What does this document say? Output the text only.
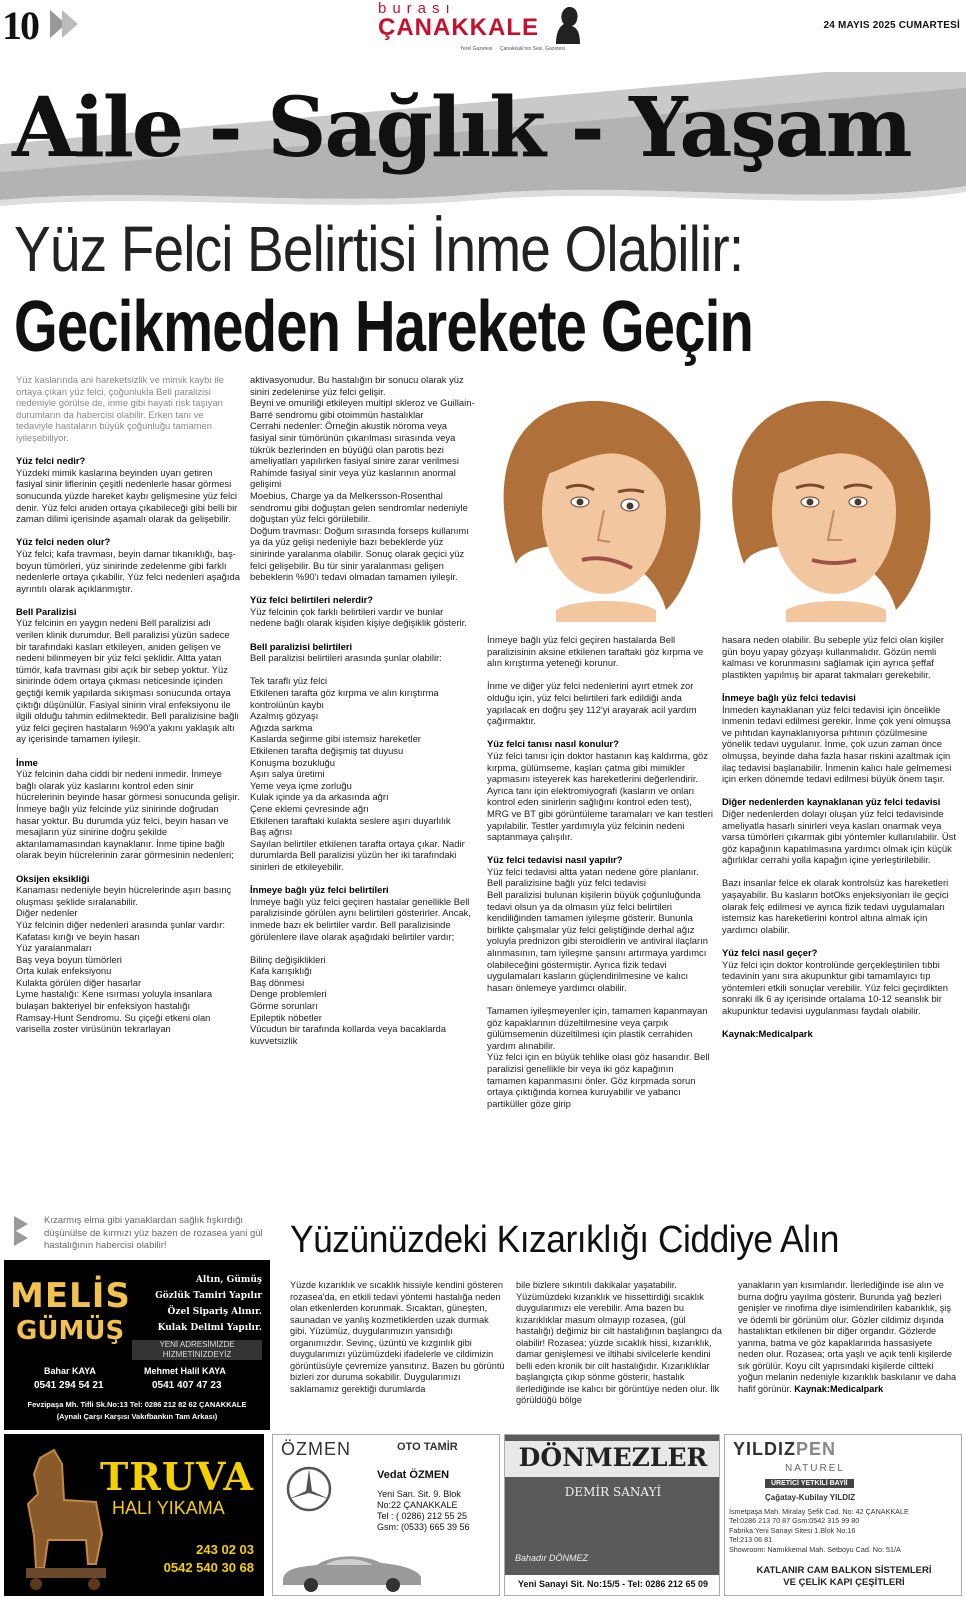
10	burası
ÇANAKKALE
Yerel Gazetesi Çanakkale'nin Sesi, Gazetesi
24 MAYIS 2025 CUMARTESİ
Aile - Sağlık - Yaşam
Yüz Felci Belirtisi İnme Olabilir:
Gecikmeden Harekete Geçin

Yüz kaslarında ani hareketsizlik ve mimik kaybı ile ortaya çıkan yüz felci, çoğunlukla Bell paralizisi nedeniyle görülse de, inme gibi hayati risk taşıyan durumların da habercisi olabilir. Erken tanı ve tedaviyle hastaların büyük çoğunluğu tamamen iyileşebiliyor.

Yüz felci nedir?

Yüzdeki mimik kaslarına beyinden uyarı getiren fasiyal sinir liflerinin çeşitli nedenlerle hasar görmesi sonucunda yüzde hareket kaybı gelişmesine yüz felci denir. Yüz felci aniden ortaya çıkabileceği gibi belli bir zaman dilimi içerisinde aşamalı olarak da gelişebilir.

Yüz felci neden olur?

Yüz felci; kafa travması, beyin damar tıkanıklığı, baş-boyun tümörleri, yüz sinirinde zedelenme gibi farklı nedenlerle ortaya çıkabilir. Yüz felci nedenleri aşağıda ayrıntılı olarak açıklanmıştır.

Bell Paralizisi

Yüz felcinin en yaygın nedeni Bell paralizisi adı verilen klinik durumdur. Bell paralizisi yüzün sadece bir tarafındaki kasları etkileyen, aniden gelişen ve nedeni bilinmeyen bir yüz felci şeklidir. Altta yatan tümör, kafa travması gibi açık bir sebep yoktur. Yüz sinirinde ödem ortaya çıkması neticesinde içinden geçtiği kemik yapılarda sıkışması sonucunda ortaya çıktığı düşünülür. Fasiyal sinirin viral enfeksiyonu ile ilgili olduğu tahmin edilmektedir. Bell paralizisine bağlı yüz felci geçiren hastaların %90'a yakını yaklaşık altı ay içerisinde tamamen iyileşir.

İnme

Yüz felcinin daha ciddi bir nedeni inmedir. İnmeye bağlı olarak yüz kaslarını kontrol eden sinir hücrelerinin beyinde hasar görmesi sonucunda gelişir. İnmeye bağlı yüz felcinde yüz sinirinde doğrudan hasar yoktur. Bu durumda yüz felci, beyin hasarı ve mesajların yüz sinirine doğru şekilde aktarılamamasından kaynaklanır. İnme tipine bağlı olarak beyin hücrelerinin zarar görmesinin nedenleri;

Oksijen eksikliği

Kanaması nedeniyle beyin hücrelerinde aşırı basınç oluşması şeklide sıralanabilir.

Diğer nedenler

Yüz felcinin diğer nedenleri arasında şunlar vardır:

Kafatası kırığı ve beyin hasarı

Yüz yaralanmaları

Baş veya boyun tümörleri

Orta kulak enfeksiyonu

Kulakta görülen diğer hasarlar

Lyme hastalığı: Kene ısırması yoluyla insanlara bulaşan bakteriyel bir enfeksiyon hastalığı

Ramsay-Hunt Sendromu. Su çiçeği etkeni olan varisella zoster virüsünün tekrarlayan

aktivasyonudur. Bu hastalığın bir sonucu olarak yüz siniri zedelenirse yüz felci gelişir.

Beyni ve omuriliği etkileyen multipl skleroz ve Guillain-Barré sendromu gibi otoimmün hastalıklar

Cerrahi nedenler: Örneğin akustik nöroma veya fasiyal sinir tümörünün çıkarılması sırasında veya tükrük bezlerinden en büyüğü olan parotis bezi ameliyatları yapılırken fasiyal sinire zarar verilmesi

Rahimde fasiyal sinir veya yüz kaslarının anormal gelişimi

Moebius, Charge ya da Melkersson-Rosenthal sendromu gibi doğuştan gelen sendromlar nedeniyle doğuştan yüz felci görülebilir.

Doğum travması: Doğum sırasında forseps kullanımı ya da yüz gelişi nedeniyle bazı bebeklerde yüz sinirinde yaralanma olabilir. Sonuç olarak geçici yüz felci gelişebilir. Bu tür sinir yaralanması gelişen bebeklerin %90'ı tedavi olmadan tamamen iyileşir.

Yüz felci belirtileri nelerdir?

Yüz felcinin çok farklı belirtileri vardır ve bunlar nedene bağlı olarak kişiden kişiye değişiklik gösterir.

Bell paralizisi belirtileri

Bell paralizisi belirtileri arasında şunlar olabilir:

Tek taraflı yüz felci

Etkilenen tarafta göz kırpma ve alın kırıştırma kontrolünün kaybı

Azalmış gözyaşı

Ağızda sarkma

Kaslarda seğirme gibi istemsiz hareketler

Etkilenen tarafta değişmiş tat duyusu

Konuşma bozukluğu

Aşırı salya üretimi

Yeme veya içme zorluğu

Kulak içinde ya da arkasında ağrı

Çene eklemi çevresinde ağrı

Etkilenen taraftaki kulakta seslere aşırı duyarlılık

Baş ağrısı

Sayılan belirtiler etkilenen tarafta ortaya çıkar. Nadir durumlarda Bell paralizisi yüzün her iki tarafındaki sinirleri de etkileyebilir.

İnmeye bağlı yüz felci belirtileri

İnmeye bağlı yüz felci geçiren hastalar genellikle Bell paralizisinde görülen aynı belirtileri gösterirler. Ancak, inmede bazı ek belirtiler vardır. Bell paralizisinde görülenlere ilave olarak aşağıdaki belirtiler vardır;

Bilinç değişiklikleri

Kafa karışıklığı

Baş dönmesi

Denge problemleri

Görme sorunları

Epileptik nöbetler

Vücudun bir tarafında kollarda veya bacaklarda kuvvetsizlik

İnmeye bağlı yüz felci geçiren hastalarda Bell paralizisinin aksine etkilenen taraftaki göz kırpma ve alın kırıştırma yeteneği korunur.

İnme ve diğer yüz felci nedenlerini ayırt etmek zor olduğu için, yüz felci belirtileri fark edildiği anda yapılacak en doğru şey 112'yi arayarak acil yardım çağırmaktır.

Yüz felci tanısı nasıl konulur?

Yüz felci tanısı için doktor hastanın kaş kaldırma, göz kırpma, gülümseme, kaşları çatma gibi mimikler yapmasını isteyerek kas hareketlerini değerlendirir. Ayrıca tanı için elektromiyografi (kasların ve onları kontrol eden sinirlerin sağlığını kontrol eden test), MRG ve BT gibi görüntüleme taramaları ve kan testleri yapılabilir. Testler yardımıyla yüz felcinin nedeni saptanmaya çalışılır.

Yüz felci tedavisi nasıl yapılır?

Yüz felci tedavisi altta yatan nedene göre planlanır.

Bell paralizisine bağlı yüz felci tedavisi

Bell paralizisi bulunan kişilerin büyük çoğunluğunda tedavi olsun ya da olmasın yüz felci belirtileri kendiliğinden tamamen iyileşme gösterir. Bununla birlikte çalışmalar yüz felci geliştiğinde derhal ağız yoluyla prednizon gibi steroidlerin ve antiviral ilaçların alınmasının, tam iyileşme şansını artırmaya yardımcı olabileceğini göstermiştir. Ayrıca fizik tedavi uygulamaları kasların güçlendirilmesine ve kalıcı hasarı önlemeye yardımcı olabilir.

Tamamen iyileşmeyenler için, tamamen kapanmayan göz kapaklarının düzeltilmesine veya çarpık gülümsemenin düzeltilmesi için plastik cerrahiden yardım alınabilir.

Yüz felci için en büyük tehlike olası göz hasarıdır. Bell paralizisi genellikle bir veya iki göz kapağının tamamen kapanmasını önler. Göz kırpmada sorun ortaya çıktığında kornea kuruyabilir ve yabancı partiküller göze girip

hasara neden olabilir. Bu sebeple yüz felci olan kişiler gün boyu yapay gözyaşı kullanmalıdır. Gözün nemli kalması ve korunmasını sağlamak için ayrıca şeffaf plastikten yapılmış bir aparat takmaları gerekebilir.

İnmeye bağlı yüz felci tedavisi

İnmeden kaynaklanan yüz felci tedavisi için öncelikle inmenin tedavi edilmesi gerekir. İnme çok yeni olmuşsa ve pıhtıdan kaynaklanıyorsa pıhtının çözülmesine yönelik tedavi uygulanır. İnme, çok uzun zaman önce olmuşsa, beyinde daha fazla hasar riskini azaltmak için ilaç tedavisi başlanabilir. İnmenin kalıcı hale gelmemesi için erken dönemde tedavi edilmesi büyük önem taşır.

Diğer nedenlerden kaynaklanan yüz felci tedavisi

Diğer nedenlerden dolayı oluşan yüz felci tedavisinde ameliyatla hasarlı sinirleri veya kasları onarmak veya varsa tümörleri çıkarmak gibi yöntemler kullanılabilir. Üst göz kapağının kapatılmasına yardımcı olmak için küçük ağırlıklar cerrahi yolla kapağın içine yerleştirilebilir.

Bazı insanlar felce ek olarak kontrolsüz kas hareketleri yaşayabilir. Bu kasların botOks enjeksiyonları ile geçici olarak felç edilmesi ve ayrıca fizik tedavi uygulamaları istemsiz kas hareketlerini kontrol altına almak için yardımcı olabilir.

Yüz felci nasıl geçer?

Yüz felci için doktor kontrolünde gerçekleştirilen tıbbi tedavinin yanı sıra akupunktur gibi tamamlayıcı tıp yöntemleri etkili sonuçlar verebilir. Yüz felci geçirdikten sonraki ilk 6 ay içerisinde ortalama 10-12 seanslık bir akupunktur tedavisi uygulanması faydalı olabilir.

Kaynak:Medicalpark

Kızarmış elma gibi yanaklardan sağlık fışkırdığı düşünülse de kırmızı yüz bazen de rozasea yani gül hastalığının habercisi olabilir!	Yüzünüzdeki Kızarıklığı Ciddiye Alın
Yüzde kızarıklık ve sıcaklık hissiyle kendini gösteren rozasea'da, en etkili tedavi yöntemi hastalığa neden olan etkenlerden korunmak. Sıcaktan, güneşten, saunadan ve yanlış kozmetiklerden uzak durmak gibi. Yüzümüz, duygularımızın yansıdığı organımızdır. Sevinç, üzüntü ve kızgınlık gibi duygularımızı yüzümüzdeki ifadelerle ve cildimizin görüntüsüyle çevremize yansıtırız. Bazen bu görüntü bizleri zor duruma sokabilir. Duygularımızı saklamamız gerektiği durumlarda
bile bizlere sıkıntılı dakikalar yaşatabilir. Yüzümüzdeki kızarıklık ve hissettirdiği sıcaklık duygularımızı ele verebilir. Ama bazen bu kızarıklıklar masum olmayıp rozasea, (gül hastalığı) değimiz bir cilt hastalığının başlangıcı da olabilir! Rozasea; yüzde sıcaklık hissi, kızarıklık, damar genişlemesi ve iltihabi sivilcelerle kendini belli eden kronik bir cilt hastalığıdır. Kızarıklıklar başlangıçta çıkıp sönme gösterir, hastalık ilerlediğinde ise kalıcı bir görüntüye neden olur. İlk görüldüğü bölge
yanakların yan kısımlarıdır. İlerlediğinde ise alın ve burna doğru yayılma gösterir. Burunda yağ bezleri genişler ve rinofima diye isimlendirilen kabarıklık, şiş ve ödemli bir görünüm olur. Gözler cildimiz dışında hastalıktan etkilenen bir diğer organdır. Gözlerde yanma, batma ve göz kapaklarında hassasiyete neden olur. Rozasea; orta yaşlı ve açık tenli kişilerde sık görülür. Koyu cilt yapısındaki kişilerde ciltteki yoğun melanin nedeniyle kızarıklık baskılanır ve daha hafif görünür. Kaynak:Medicalpark
MELİS
GÜMÜŞ
Altın, Gümüş
Gözlük Tamiri Yapılır
Özel Sipariş Alınır.
Kulak Delimi Yapılır.
YENİ ADRESİMİZDE
HİZMETİNİZDEYİZ
Bahar KAYA
0541 294 54 21
Mehmet Halil KAYA
0541 407 47 23
Fevzipaşa Mh. Tifli Sk.No:13 Tel: 0286 212 82 62 ÇANAKKALE
(Aynalı Çarşı Karşısı Vakıfbankın Tam Arkası)
TRUVA
HALI YIKAMA
243 02 03
0542 540 30 68
ÖZMEN	OTO TAMİR
Vedat ÖZMEN
Yeni San. Sit. 9. Blok
No:22 ÇANAKKALE
Tel : ( 0286) 212 55 25
Gsm: (0533) 665 39 56
DÖNMEZLER
DEMİR SANAYİ
Bahadır DÖNMEZ
Yeni Sanayi Sit. No:15/5 - Tel: 0286 212 65 09
YILDIZPEN
NATUREL
ÜRETİCİ YETKİLİ BAYİİ
Çağatay-Kubilay YILDIZ
İsmetpaşa Mah. Miralay Şefik Cad. No: 42 ÇANAKKALE
Tel:0286 213 70 87 Gsm:0542 315 99 80
Fabrika:Yeni Sanayi Sitesi 1.Blok No:16
Tel:213 06 81
Showroom: Namıkkemal Mah. Setboyu Cad. No: 51/A
KATLANIR CAM BALKON SİSTEMLERİ
VE ÇELİK KAPI ÇEŞİTLERİ
